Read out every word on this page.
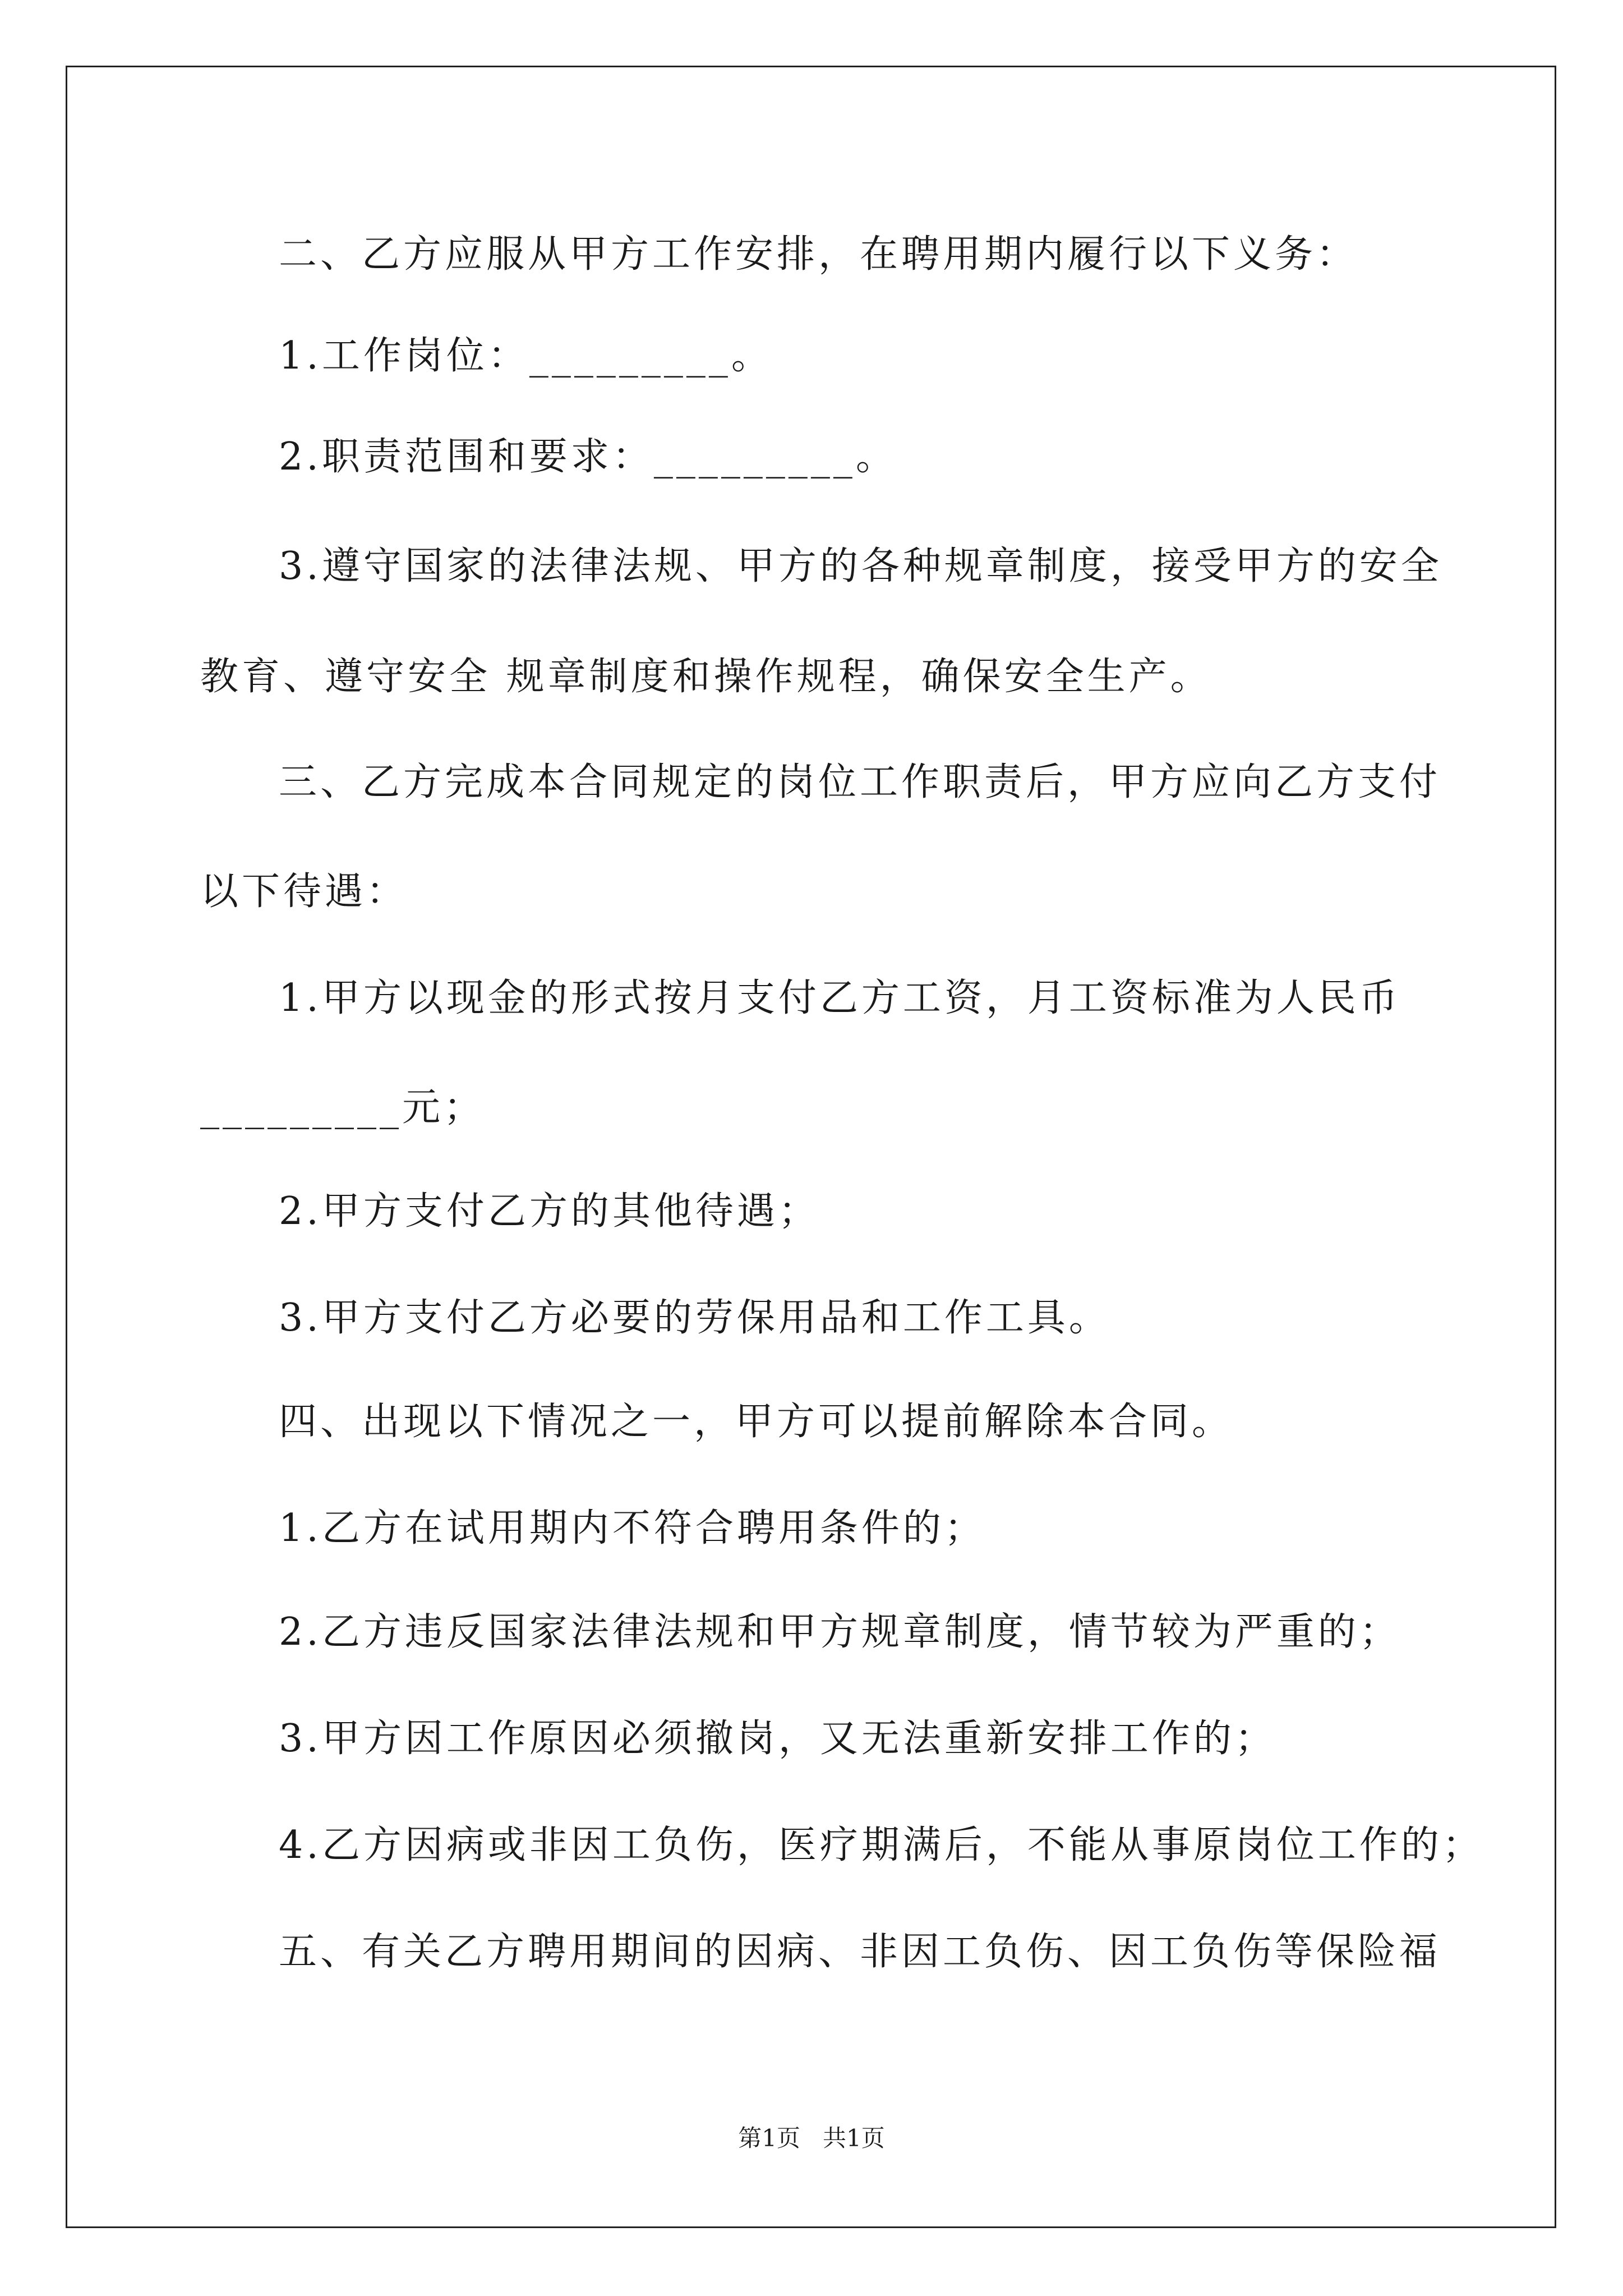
二、乙方应服从甲方工作安排，在聘用期内履行以下义务：
1.工作岗位：_________。
2.职责范围和要求：_________。
3.遵守国家的法律法规、甲方的各种规章制度，接受甲方的安全
教育、遵守安全 规章制度和操作规程，确保安全生产。
三、乙方完成本合同规定的岗位工作职责后，甲方应向乙方支付
以下待遇：
1.甲方以现金的形式按月支付乙方工资，月工资标准为人民币
_________元；
2.甲方支付乙方的其他待遇；
3.甲方支付乙方必要的劳保用品和工作工具。
四、出现以下情况之一，甲方可以提前解除本合同。
1.乙方在试用期内不符合聘用条件的；
2.乙方违反国家法律法规和甲方规章制度，情节较为严重的；
3.甲方因工作原因必须撤岗，又无法重新安排工作的；
4.乙方因病或非因工负伤，医疗期满后，不能从事原岗位工作的；
五、有关乙方聘用期间的因病、非因工负伤、因工负伤等保险福
第1页   共1页
